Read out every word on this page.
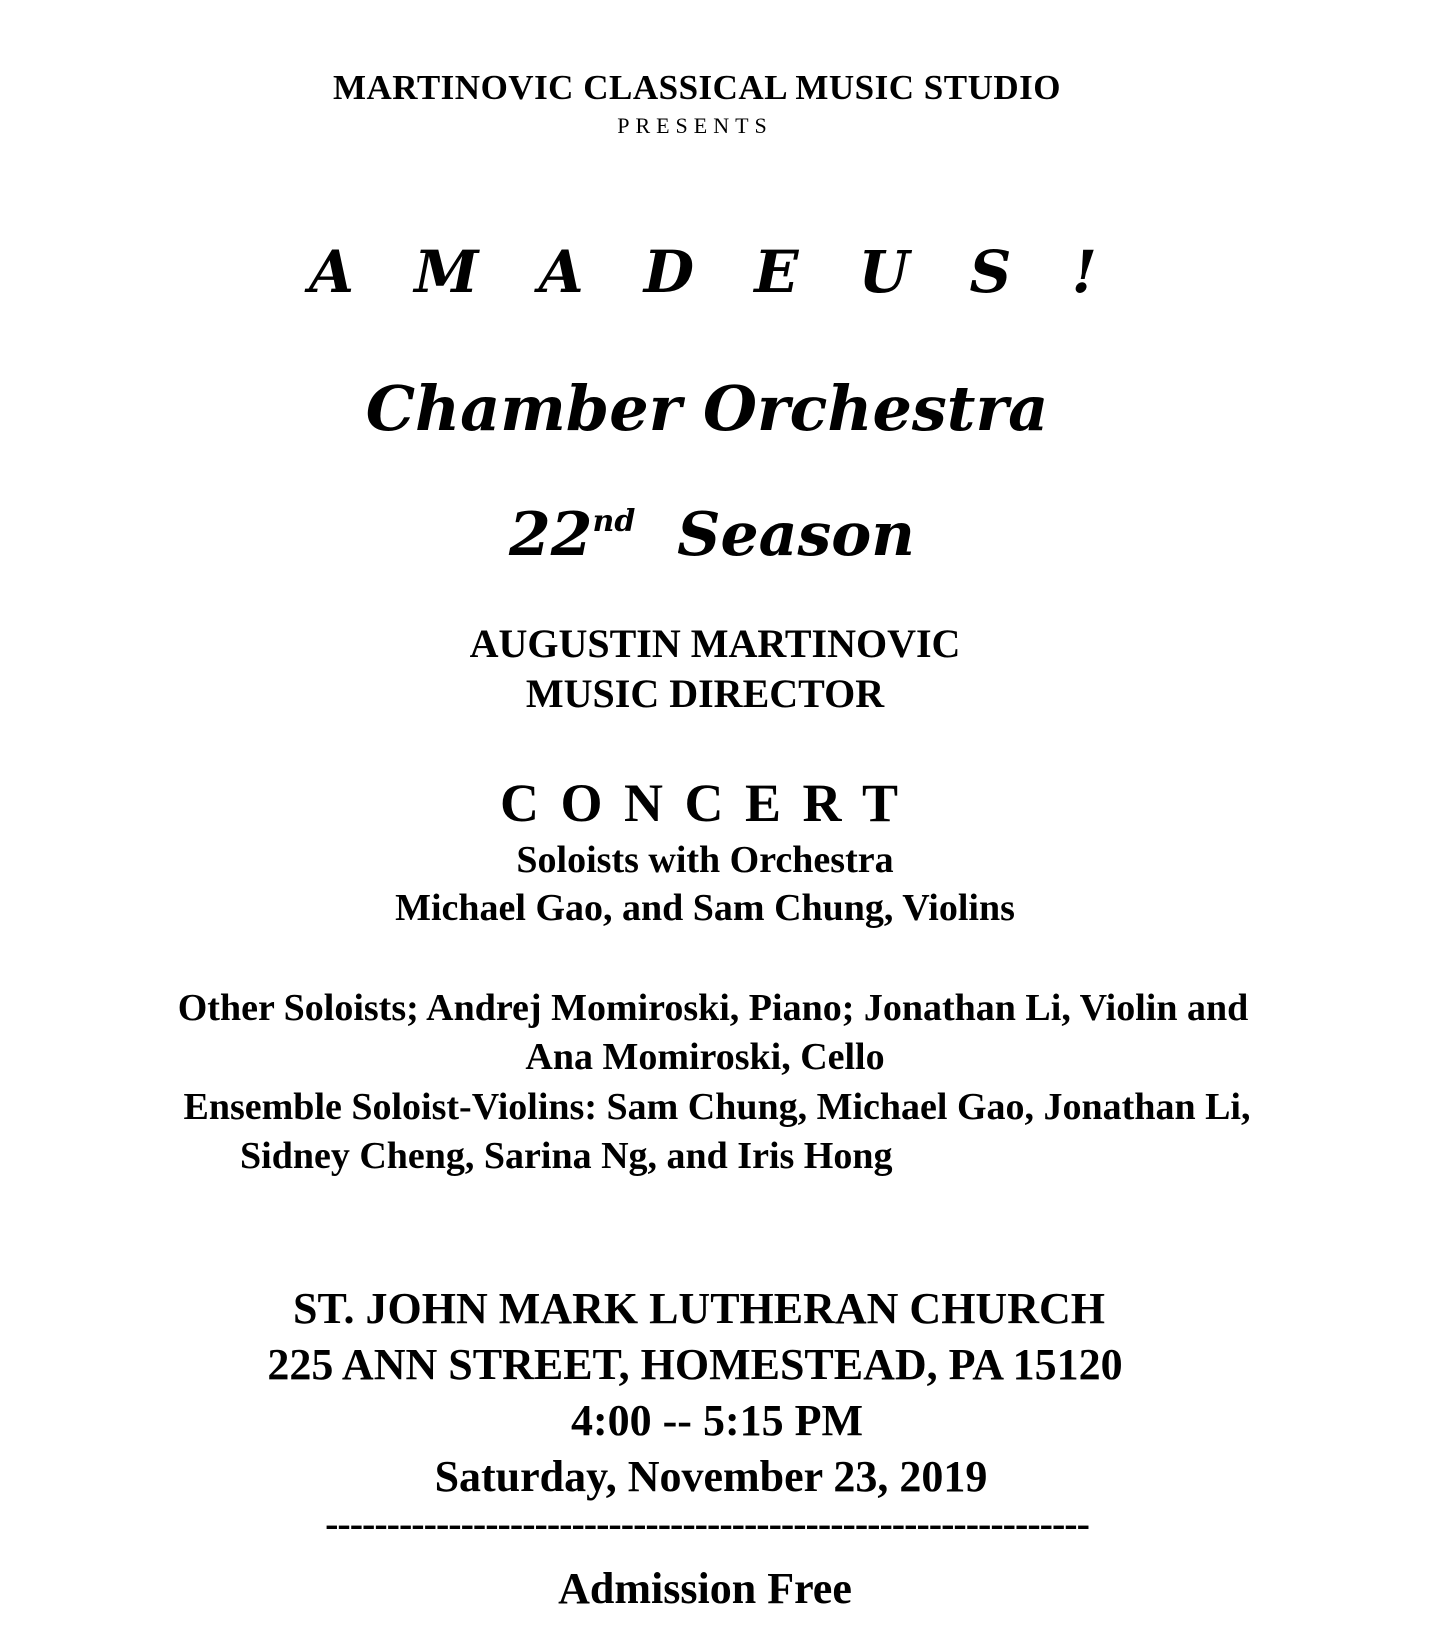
MARTINOVIC CLASSICAL MUSIC STUDIO
PRESENTS
A M A D E U S !
Chamber Orchestra
22nd Season
AUGUSTIN MARTINOVIC
MUSIC DIRECTOR
C O N C E R T
Soloists with Orchestra
Michael Gao, and Sam Chung, Violins
Other Soloists; Andrej Momiroski, Piano; Jonathan Li, Violin and
Ana Momiroski, Cello
Ensemble Soloist-Violins: Sam Chung, Michael Gao, Jonathan Li,
Sidney Cheng, Sarina Ng, and Iris Hong
ST. JOHN MARK LUTHERAN CHURCH
225 ANN STREET, HOMESTEAD, PA 15120
4:00 -- 5:15 PM
Saturday, November 23, 2019
--------------------------------------------------------------
Admission Free
